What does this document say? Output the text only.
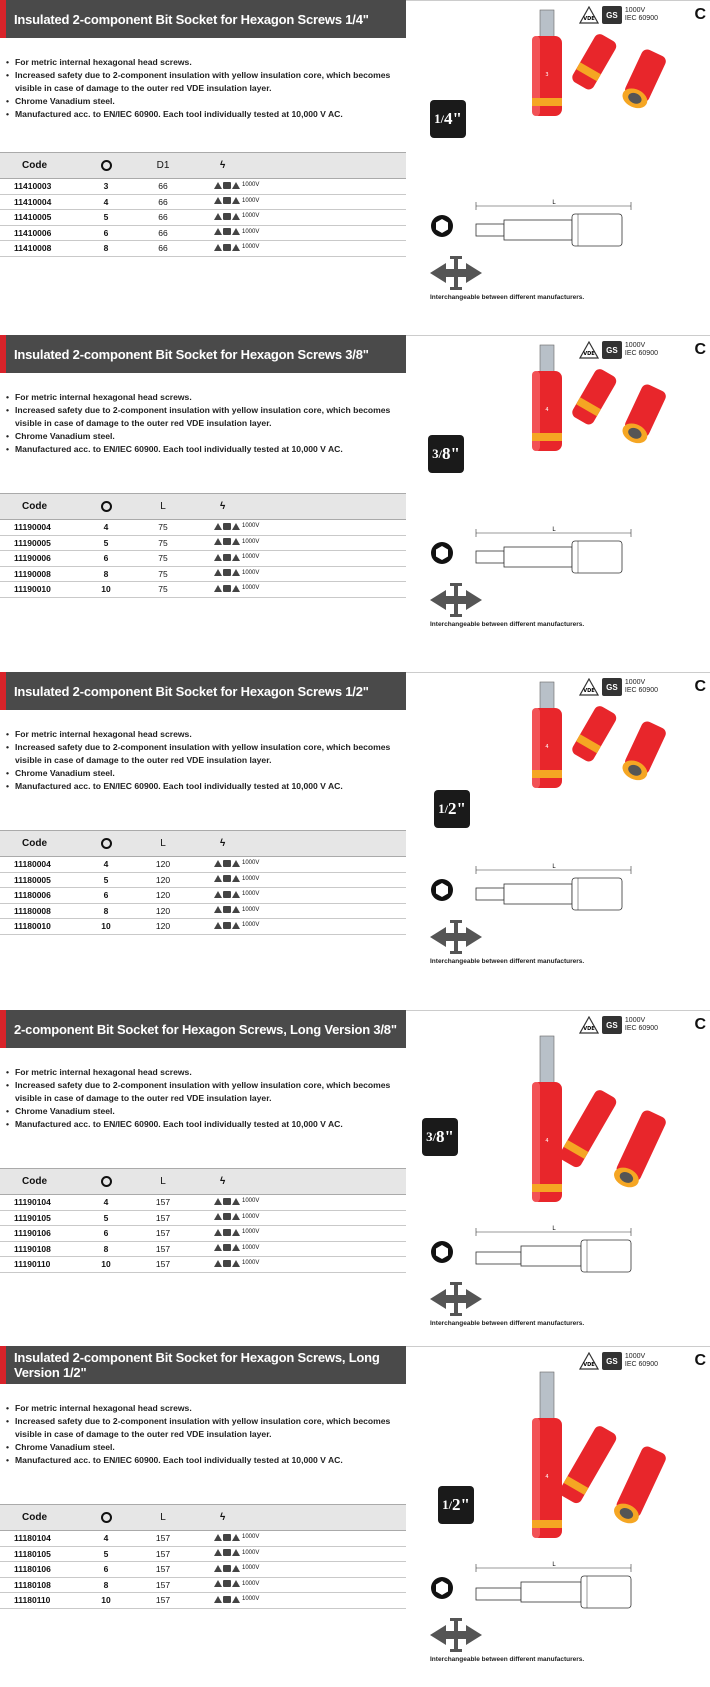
Insulated 2-component Bit Socket for Hexagon Screws 1/4"	VDE	GS	1000V
IEC 60900 C
• For metric internal hexagonal head screws.
• Increased safety due to 2-component insulation with yellow insulation core, which becomes visible in case of damage to the outer red VDE insulation layer.
• Chrome Vanadium steel.
• Manufactured acc. to EN/IEC 60900. Each tool individually tested at 10,000 V AC.
Code		D1	ϟ
11410003	3	66	1000V

11410004	4	66	1000V

11410005	5	66	1000V

11410006	6	66	1000V

11410008	8	66	1000V
1 / 4"
3
L
Interchangeable between different manufacturers.
Insulated 2-component Bit Socket for Hexagon Screws 3/8"	VDE	GS	1000V
IEC 60900 C
• For metric internal hexagonal head screws.
• Increased safety due to 2-component insulation with yellow insulation core, which becomes visible in case of damage to the outer red VDE insulation layer.
• Chrome Vanadium steel.
• Manufactured acc. to EN/IEC 60900. Each tool individually tested at 10,000 V AC.
Code		L	ϟ
11190004	4	75	1000V

11190005	5	75	1000V

11190006	6	75	1000V

11190008	8	75	1000V

11190010	10	75	1000V
3 / 8"
4
L
Interchangeable between different manufacturers.
Insulated 2-component Bit Socket for Hexagon Screws 1/2"	VDE	GS	1000V
IEC 60900 C
• For metric internal hexagonal head screws.
• Increased safety due to 2-component insulation with yellow insulation core, which becomes visible in case of damage to the outer red VDE insulation layer.
• Chrome Vanadium steel.
• Manufactured acc. to EN/IEC 60900. Each tool individually tested at 10,000 V AC.
Code		L	ϟ
11180004	4	120	1000V

11180005	5	120	1000V

11180006	6	120	1000V

11180008	8	120	1000V

11180010	10	120	1000V
1 / 2"
4
L
Interchangeable between different manufacturers.
2-component Bit Socket for Hexagon Screws, Long Version 3/8"	VDE	GS	1000V
IEC 60900 C
• For metric internal hexagonal head screws.
• Increased safety due to 2-component insulation with yellow insulation core, which becomes visible in case of damage to the outer red VDE insulation layer.
• Chrome Vanadium steel.
• Manufactured acc. to EN/IEC 60900. Each tool individually tested at 10,000 V AC.
Code		L	ϟ
11190104	4	157	1000V

11190105	5	157	1000V

11190106	6	157	1000V

11190108	8	157	1000V

11190110	10	157	1000V
3 / 8"	4
L
Interchangeable between different manufacturers.
Insulated 2-component Bit Socket for Hexagon Screws, Long Version 1/2"	VDE	GS	1000V
IEC 60900 C
• For metric internal hexagonal head screws.
• Increased safety due to 2-component insulation with yellow insulation core, which becomes visible in case of damage to the outer red VDE insulation layer.
• Chrome Vanadium steel.
• Manufactured acc. to EN/IEC 60900. Each tool individually tested at 10,000 V AC.
Code		L	ϟ
11180104	4	157	1000V

11180105	5	157	1000V

11180106	6	157	1000V

11180108	8	157	1000V

11180110	10	157	1000V
1 / 2"
4
L
Interchangeable between different manufacturers.
